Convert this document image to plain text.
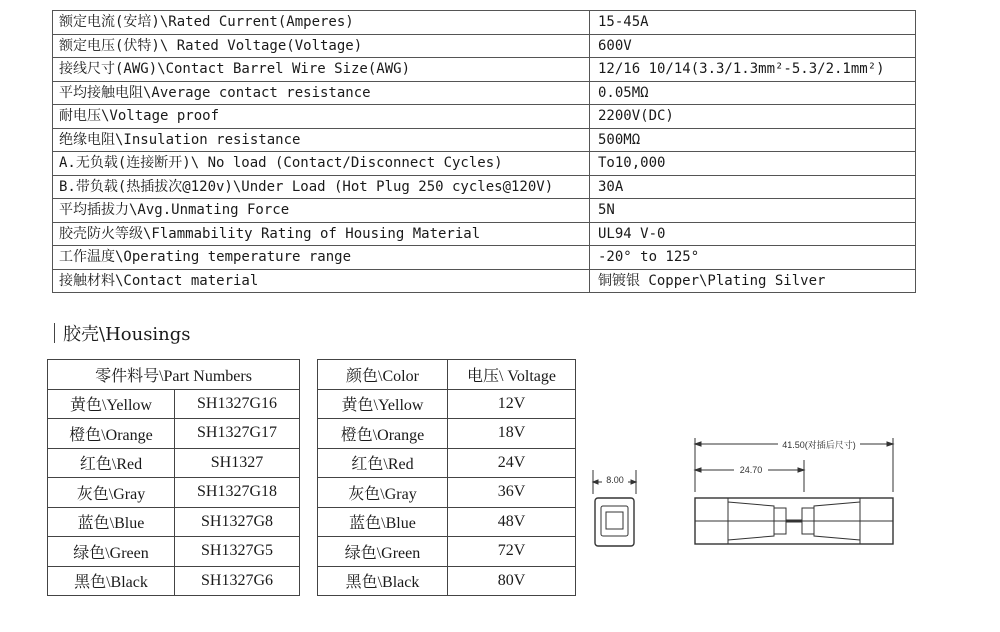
额定电流(安培)\Rated Current(Amperes)	15-45A
额定电压(伏特)\ Rated Voltage(Voltage)	600V
接线尺寸(AWG)\Contact Barrel Wire Size(AWG)	12/16 10/14(3.3/1.3mm²-5.3/2.1mm²)
平均接触电阻\Average contact resistance	0.05MΩ
耐电压\Voltage proof	2200V(DC)
绝缘电阻\Insulation resistance	500MΩ
A.无负载(连接断开)\ No load (Contact/Disconnect Cycles)	To10,000
B.带负载(热插拔次@120v)\Under Load (Hot Plug 250 cycles@120V)	30A
平均插拔力\Avg.Unmating Force	5N
胶壳防火等级\Flammability Rating of Housing Material	UL94 V-0
工作温度\Operating temperature range	-20° to 125°
接触材料\Contact material	铜镀银 Copper\Plating Silver
胶壳\Housings
零件料号\Part Numbers	
黄色\Yellow	SH1327G16
橙色\Orange	SH1327G17
红色\Red	SH1327
灰色\Gray	SH1327G18
蓝色\Blue	SH1327G8
绿色\Green	SH1327G5
黑色\Black	SH1327G6
颜色\Color	电压\ Voltage
黄色\Yellow	12V
橙色\Orange	18V
红色\Red	24V
灰色\Gray	36V
蓝色\Blue	48V
绿色\Green	72V
黑色\Black	80V
8.00
41.50(对插后尺寸)
24.70
